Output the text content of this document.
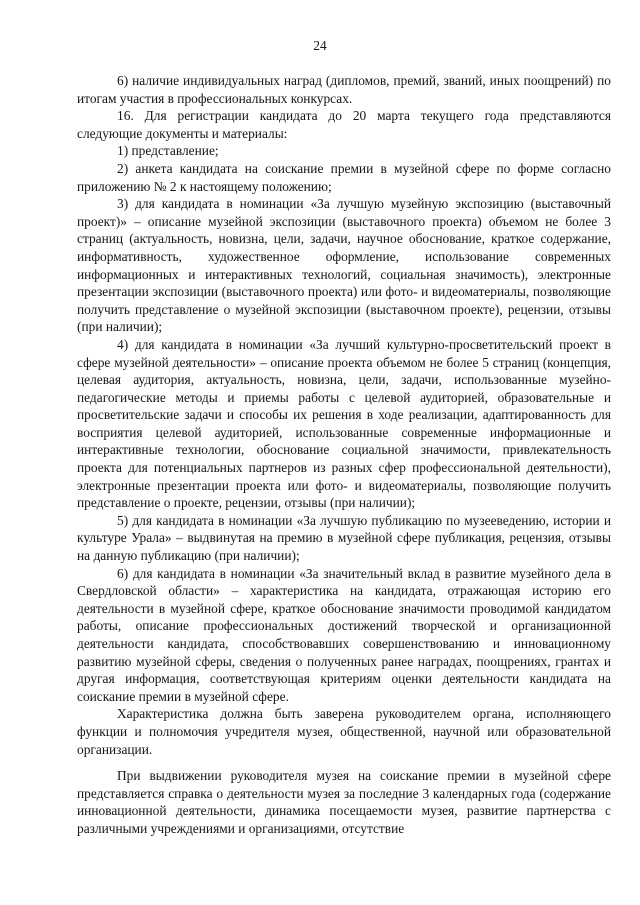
24

6) наличие индивидуальных наград (дипломов, премий, званий, иных поощрений) по итогам участия в профессиональных конкурсах.

16. Для регистрации кандидата до 20 марта текущего года представляются следующие документы и материалы:

1) представление;

2) анкета кандидата на соискание премии в музейной сфере по форме согласно приложению № 2 к настоящему положению;

3) для кандидата в номинации «За лучшую музейную экспозицию (выставочный проект)» – описание музейной экспозиции (выставочного проекта) объемом не более 3 страниц (актуальность, новизна, цели, задачи, научное обоснование, краткое содержание, информативность, художественное оформление, использование современных информационных и интерактивных технологий, социальная значимость), электронные презентации экспозиции (выставочного проекта) или фото- и видеоматериалы, позволяющие получить представление о музейной экспозиции (выставочном проекте), рецензии, отзывы (при наличии);

4) для кандидата в номинации «За лучший культурно-просветительский проект в сфере музейной деятельности» – описание проекта объемом не более 5 страниц (концепция, целевая аудитория, актуальность, новизна, цели, задачи, использованные музейно-педагогические методы и приемы работы с целевой аудиторией, образовательные и просветительские задачи и способы их решения в ходе реализации, адаптированность для восприятия целевой аудиторией, использованные современные информационные и интерактивные технологии, обоснование социальной значимости, привлекательность проекта для потенциальных партнеров из разных сфер профессиональной деятельности), электронные презентации проекта или фото- и видеоматериалы, позволяющие получить представление о проекте, рецензии, отзывы (при наличии);

5) для кандидата в номинации «За лучшую публикацию по музееведению, истории и культуре Урала» – выдвинутая на премию в музейной сфере публикация, рецензия, отзывы на данную публикацию (при наличии);

6) для кандидата в номинации «За значительный вклад в развитие музейного дела в Свердловской области» – характеристика на кандидата, отражающая историю его деятельности в музейной сфере, краткое обоснование значимости проводимой кандидатом работы, описание профессиональных достижений творческой и организационной деятельности кандидата, способствовавших совершенствованию и инновационному развитию музейной сферы, сведения о полученных ранее наградах, поощрениях, грантах и другая информация, соответствующая критериям оценки деятельности кандидата на соискание премии в музейной сфере.

Характеристика должна быть заверена руководителем органа, исполняющего функции и полномочия учредителя музея, общественной, научной или образовательной организации.

При выдвижении руководителя музея на соискание премии в музейной сфере представляется справка о деятельности музея за последние 3 календарных года (содержание инновационной деятельности, динамика посещаемости музея, развитие партнерства с различными учреждениями и организациями, отсутствие
